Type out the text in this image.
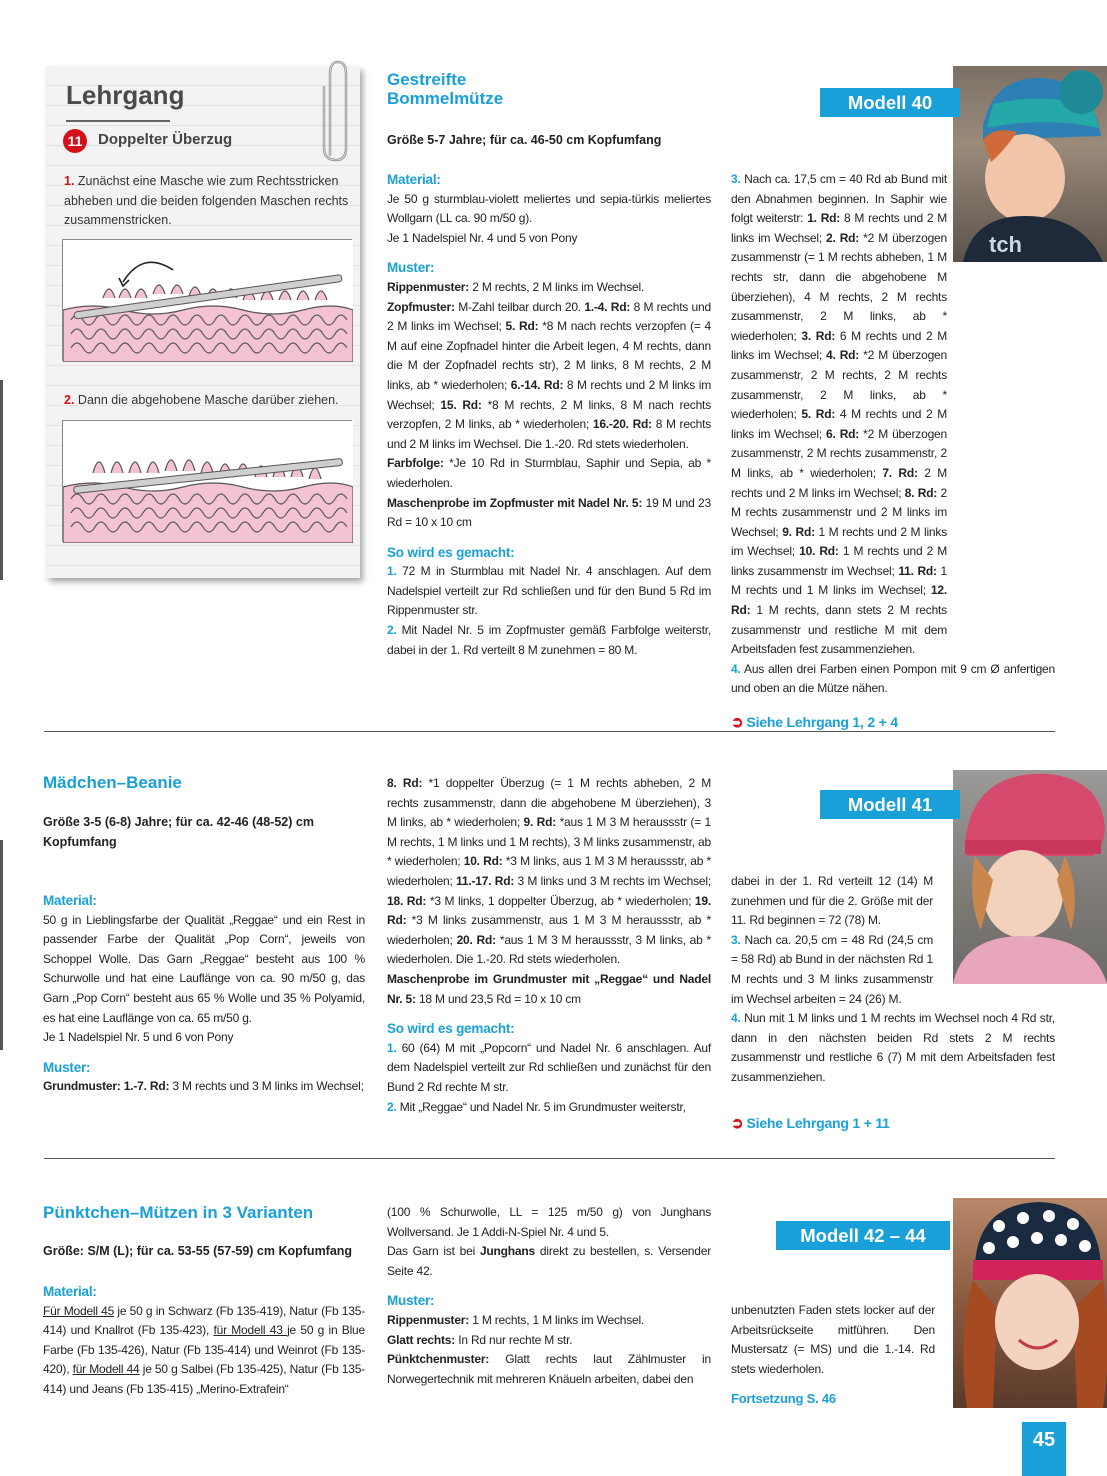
Lehrgang
11	Doppelter Überzug
1. Zunächst eine Masche wie zum Rechtsstricken abheben und die beiden folgenden Maschen rechts zusammenstricken.
2. Dann die abgehobene Masche darüber ziehen.
Gestreifte
Bommelmütze
Größe 5-7 Jahre; für ca. 46-50 cm Kopfumfang

Material:

Je 50 g sturmblau-violett meliertes und sepia-türkis meliertes Wollgarn (LL ca. 90 m/50 g).

Je 1 Nadelspiel Nr. 4 und 5 von Pony

Muster:

Rippenmuster: 2 M rechts, 2 M links im Wechsel.

Zopfmuster: M-Zahl teilbar durch 20. 1.-4. Rd: 8 M rechts und 2 M links im Wechsel; 5. Rd: *8 M nach rechts verzopfen (= 4 M auf eine Zopfnadel hinter die Arbeit legen, 4 M rechts, dann die M der Zopfnadel rechts str), 2 M links, 8 M rechts, 2 M links, ab * wiederholen; 6.-14. Rd: 8 M rechts und 2 M links im Wechsel; 15. Rd: *8 M rechts, 2 M links, 8 M nach rechts verzopfen, 2 M links, ab * wiederholen; 16.-20. Rd: 8 M rechts und 2 M links im Wechsel. Die 1.-20. Rd stets wiederholen.

Farbfolge: *Je 10 Rd in Sturmblau, Saphir und Sepia, ab * wiederholen.

Maschenprobe im Zopfmuster mit Nadel Nr. 5: 19 M und 23 Rd = 10 x 10 cm

So wird es gemacht:

1. 72 M in Sturmblau mit Nadel Nr. 4 anschlagen. Auf dem Nadelspiel verteilt zur Rd schließen und für den Bund 5 Rd im Rippenmuster str.

2. Mit Nadel Nr. 5 im Zopfmuster gemäß Farbfolge weiterstr, dabei in der 1. Rd verteilt 8 M zunehmen = 80 M.

3. Nach ca. 17,5 cm = 40 Rd ab Bund mit den Abnahmen beginnen. In Saphir wie folgt weiterstr: 1. Rd: 8 M rechts und 2 M links im Wechsel; 2. Rd: *2 M überzogen zusammenstr (= 1 M rechts abheben, 1 M rechts str, dann die abgehobene M überziehen), 4 M rechts, 2 M rechts zusammenstr, 2 M links, ab * wiederholen; 3. Rd: 6 M rechts und 2 M links im Wechsel; 4. Rd: *2 M überzogen zusammenstr, 2 M rechts, 2 M rechts zusammenstr, 2 M links, ab * wiederholen; 5. Rd: 4 M rechts und 2 M links im Wechsel; 6. Rd: *2 M überzogen zusammenstr, 2 M rechts zusammenstr, 2 M links, ab * wiederholen; 7. Rd: 2 M rechts und 2 M links im Wechsel; 8. Rd: 2 M rechts zusammenstr und 2 M links im Wechsel; 9. Rd: 1 M rechts und 2 M links im Wechsel; 10. Rd: 1 M rechts und 2 M links zusammenstr im Wechsel; 11. Rd: 1 M rechts und 1 M links im Wechsel; 12. Rd: 1 M rechts, dann stets 2 M rechts zusammenstr und restliche M mit dem Arbeitsfaden fest zusammenziehen.

4. Aus allen drei Farben einen Pompon mit 9 cm Ø anfertigen und oben an die Mütze nähen.

➲ Siehe Lehrgang 1, 2 + 4

tch
Modell 40
Mädchen–Beanie
Größe 3-5 (6-8) Jahre; für ca. 42-46 (48-52) cm Kopfumfang

Material:

50 g in Lieblingsfarbe der Qualität „Reggae“ und ein Rest in passender Farbe der Qualität „Pop Corn“, jeweils von Schoppel Wolle. Das Garn „Reggae“ besteht aus 100 % Schurwolle und hat eine Lauflänge von ca. 90 m/50 g, das Garn „Pop Corn“ besteht aus 65 % Wolle und 35 % Polyamid, es hat eine Lauflänge von ca. 65 m/50 g.

Je 1 Nadelspiel Nr. 5 und 6 von Pony

Muster:

Grundmuster: 1.-7. Rd: 3 M rechts und 3 M links im Wechsel;

8. Rd: *1 doppelter Überzug (= 1 M rechts abheben, 2 M rechts zusammenstr, dann die abgehobene M überziehen), 3 M links, ab * wiederholen; 9. Rd: *aus 1 M 3 M heraussstr (= 1 M rechts, 1 M links und 1 M rechts), 3 M links zusammenstr, ab * wiederholen; 10. Rd: *3 M links, aus 1 M 3 M heraussstr, ab * wiederholen; 11.-17. Rd: 3 M links und 3 M rechts im Wechsel; 18. Rd: *3 M links, 1 doppelter Überzug, ab * wiederholen; 19. Rd: *3 M links zusammenstr, aus 1 M 3 M heraussstr, ab * wiederholen; 20. Rd: *aus 1 M 3 M heraussstr, 3 M links, ab * wiederholen. Die 1.-20. Rd stets wiederholen.

Maschenprobe im Grundmuster mit „Reggae“ und Nadel Nr. 5: 18 M und 23,5 Rd = 10 x 10 cm

So wird es gemacht:

1. 60 (64) M mit „Popcorn“ und Nadel Nr. 6 anschlagen. Auf dem Nadelspiel verteilt zur Rd schließen und zunächst für den Bund 2 Rd rechte M str.

2. Mit „Reggae“ und Nadel Nr. 5 im Grundmuster weiterstr,

dabei in der 1. Rd verteilt 12 (14) M zunehmen und für die 2. Größe mit der 11. Rd beginnen = 72 (78) M.

3. Nach ca. 20,5 cm = 48 Rd (24,5 cm = 58 Rd) ab Bund in der nächsten Rd 1 M rechts und 3 M links zusammenstr im Wechsel arbeiten = 24 (26) M.

4. Nun mit 1 M links und 1 M rechts im Wechsel noch 4 Rd str, dann in den nächsten beiden Rd stets 2 M rechts zusammenstr und restliche 6 (7) M mit dem Arbeitsfaden fest zusammenziehen.

➲ Siehe Lehrgang 1 + 11

Modell 41
Pünktchen–Mützen in 3 Varianten
Größe: S/M (L); für ca. 53-55 (57-59) cm Kopfumfang

Material:

Für Modell 45 je 50 g in Schwarz (Fb 135-419), Natur (Fb 135-414) und Knallrot (Fb 135-423), für Modell 43 je 50 g in Blue Farbe (Fb 135-426), Natur (Fb 135-414) und Weinrot (Fb 135-420), für Modell 44 je 50 g Salbei (Fb 135-425), Natur (Fb 135-414) und Jeans (Fb 135-415) „Merino-Extrafein“

(100 % Schurwolle, LL = 125 m/50 g) von Junghans Wollversand. Je 1 Addi-N-Spiel Nr. 4 und 5.

Das Garn ist bei Junghans direkt zu bestellen, s. Versender Seite 42.

Muster:

Rippenmuster: 1 M rechts, 1 M links im Wechsel.

Glatt rechts: In Rd nur rechte M str.

Pünktchenmuster: Glatt rechts laut Zählmuster in Norwegertechnik mit mehreren Knäueln arbeiten, dabei den

unbenutzten Faden stets locker auf der Arbeitsrückseite mitführen. Den Mustersatz (= MS) und die 1.-14. Rd stets wiederholen.

Fortsetzung S. 46

Modell 42 – 44
45
